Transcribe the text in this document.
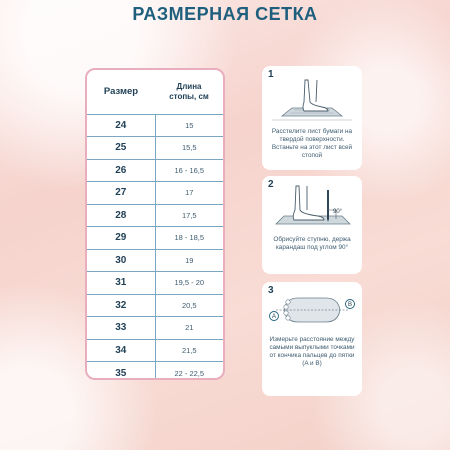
РАЗМЕРНАЯ СЕТКА
Размер	Длина
стопы, см
24	15
25	15,5
26	16 - 16,5
27	17
28	17,5
29	18 - 18,5
30	19
31	19,5 - 20
32	20,5
33	21
34	21,5
35	22 - 22,5
1
Расстелите лист бумаги на твердой поверхности. Встаньте на этот лист всей стопой
2
90°
Обрисуйте ступню, держа карандаш под углом 90°
3
A
B
Измерьте расстояние между самыми выпуклыми точками от кончика пальцев до пятки (A и B)
